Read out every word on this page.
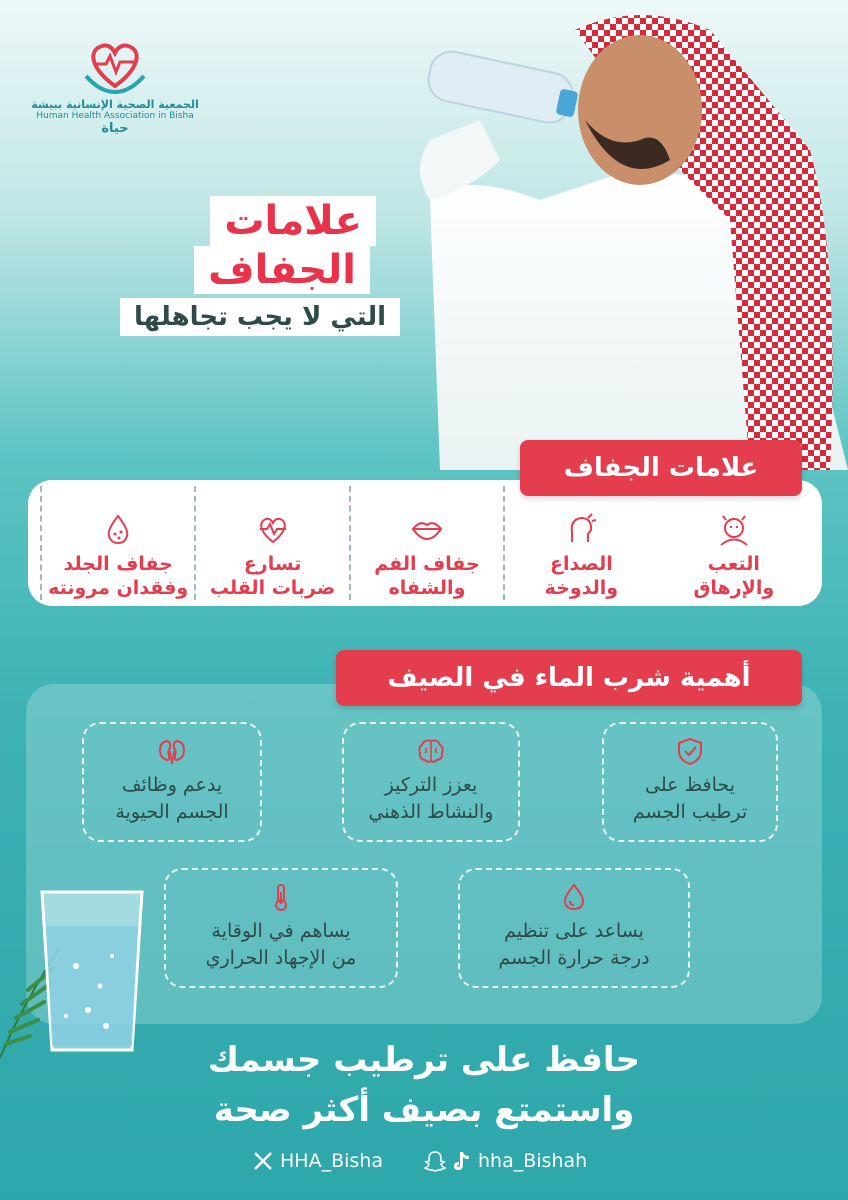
الجمعية الصحية الإنسانية ببيشة
Human Health Association in Bisha
حياة
علامات
الجفاف
التي لا يجب تجاهلها
علامات الجفاف
التعب
والإرهاق
الصداع
والدوخة
جفاف الفم
والشفاه
تسارع
ضربات القلب
جفاف الجلد
وفقدان مرونته
أهمية شرب الماء في الصيف
يحافظ على
ترطيب الجسم
يعزز التركيز
والنشاط الذهني
يدعم وظائف
الجسم الحيوية
يساعد على تنظيم
درجة حرارة الجسم
يساهم في الوقاية
من الإجهاد الحراري
حافظ على ترطيب جسمك
واستمتع بصيف أكثر صحة
HHA_Bisha	hha_Bishah
